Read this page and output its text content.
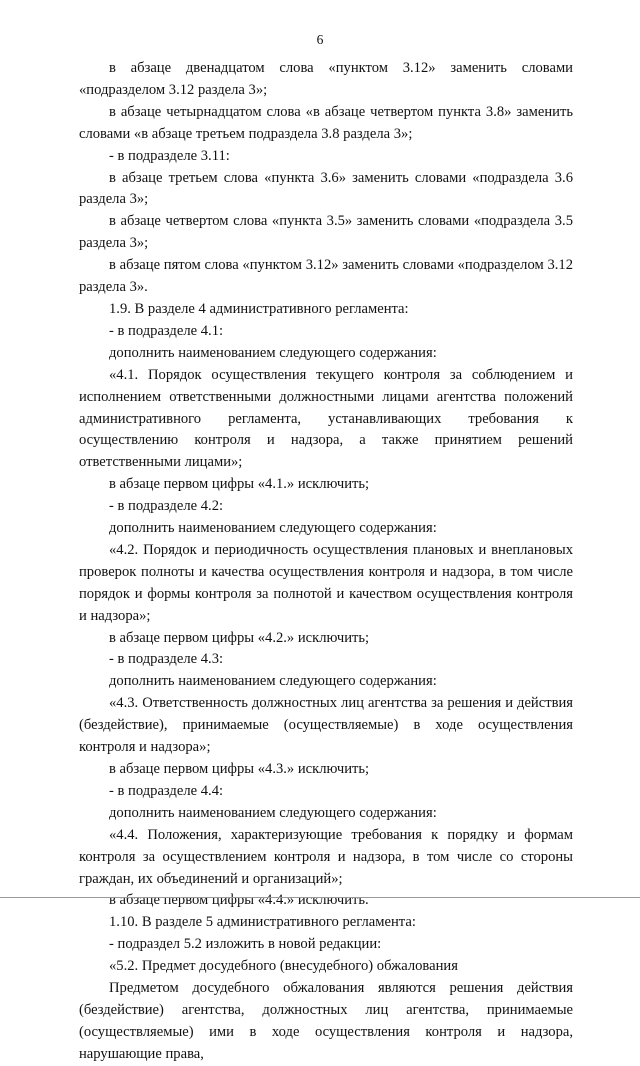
6

в абзаце двенадцатом слова «пунктом 3.12» заменить словами «подразделом 3.12 раздела 3»;

в абзаце четырнадцатом слова «в абзаце четвертом пункта 3.8» заменить словами «в абзаце третьем подраздела 3.8 раздела 3»;

- в подразделе 3.11:

в абзаце третьем слова «пункта 3.6» заменить словами «подраздела 3.6 раздела 3»;

в абзаце четвертом слова «пункта 3.5» заменить словами «подраздела 3.5 раздела 3»;

в абзаце пятом слова «пунктом 3.12» заменить словами «подразделом 3.12 раздела 3».

1.9. В разделе 4 административного регламента:

- в подразделе 4.1:

дополнить наименованием следующего содержания:

«4.1. Порядок осуществления текущего контроля за соблюдением и исполнением ответственными должностными лицами агентства положений административного регламента, устанавливающих требования к осуществлению контроля и надзора, а также принятием решений ответственными лицами»;

в абзаце первом цифры «4.1.» исключить;

- в подразделе 4.2:

дополнить наименованием следующего содержания:

«4.2. Порядок и периодичность осуществления плановых и внеплановых проверок полноты и качества осуществления контроля и надзора, в том числе порядок и формы контроля за полнотой и качеством осуществления контроля и надзора»;

в абзаце первом цифры «4.2.» исключить;

- в подразделе 4.3:

дополнить наименованием следующего содержания:

«4.3. Ответственность должностных лиц агентства за решения и действия (бездействие), принимаемые (осуществляемые) в ходе осуществления контроля и надзора»;

в абзаце первом цифры «4.3.» исключить;

- в подразделе 4.4:

дополнить наименованием следующего содержания:

«4.4. Положения, характеризующие требования к порядку и формам контроля за осуществлением контроля и надзора, в том числе со стороны граждан, их объединений и организаций»;

в абзаце первом цифры «4.4.» исключить.

1.10. В разделе 5 административного регламента:

- подраздел 5.2 изложить в новой редакции:

«5.2. Предмет досудебного (внесудебного) обжалования

Предметом досудебного обжалования являются решения действия (бездействие) агентства, должностных лиц агентства, принимаемые (осуществляемые) ими в ходе осуществления контроля и надзора, нарушающие права,
